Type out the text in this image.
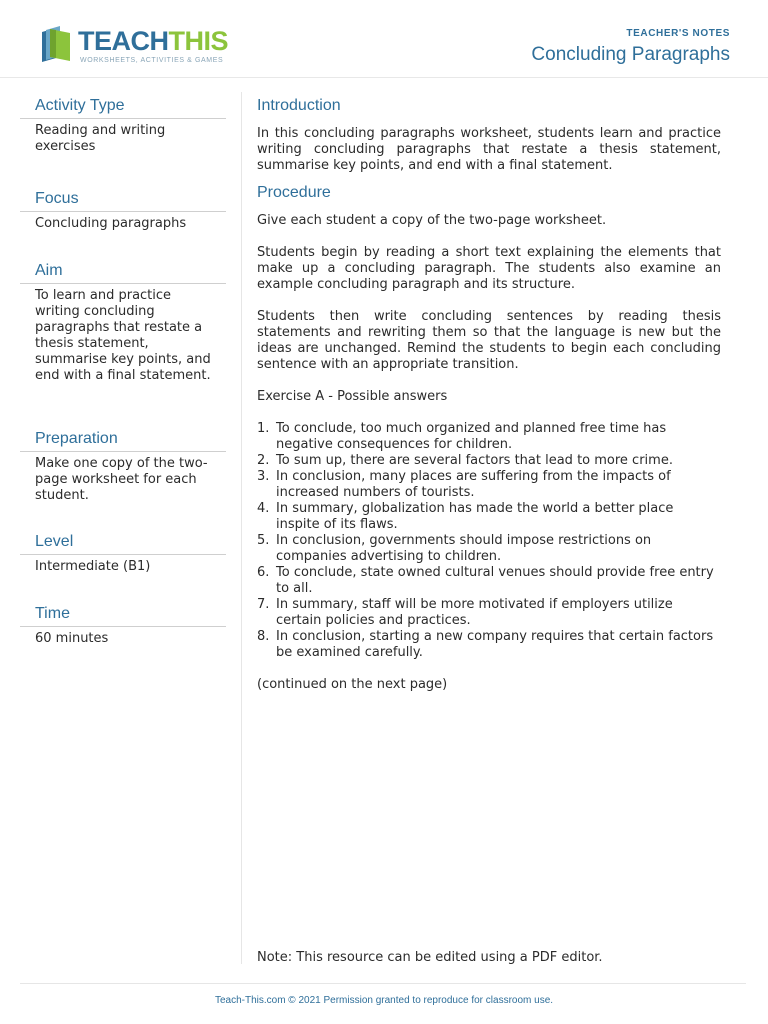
TEACHTHIS
WORKSHEETS, ACTIVITIES & GAMES
TEACHER'S NOTES
Concluding Paragraphs
Activity Type
Reading and writing exercises
Focus
Concluding paragraphs
Aim
To learn and practice writing concluding paragraphs that restate a thesis statement, summarise key points, and end with a final statement.
Preparation
Make one copy of the two-page worksheet for each student.
Level
Intermediate (B1)
Time
60 minutes
Introduction
In this concluding paragraphs worksheet, students learn and practice writing concluding paragraphs that restate a thesis statement, summarise key points, and end with a final statement.
Procedure
Give each student a copy of the two-page worksheet.
Students begin by reading a short text explaining the elements that make up a concluding paragraph. The students also examine an example concluding paragraph and its structure.
Students then write concluding sentences by reading thesis statements and rewriting them so that the language is new but the ideas are unchanged. Remind the students to begin each concluding sentence with an appropriate transition.
Exercise A - Possible answers
1. To conclude, too much organized and planned free time has negative consequences for children.
2. To sum up, there are several factors that lead to more crime.
3. In conclusion, many places are suffering from the impacts of increased numbers of tourists.
4. In summary, globalization has made the world a better place inspite of its flaws.
5. In conclusion, governments should impose restrictions on companies advertising to children.
6. To conclude, state owned cultural venues should provide free entry to all.
7. In summary, staff will be more motivated if employers utilize certain policies and practices.
8. In conclusion, starting a new company requires that certain factors be examined carefully.
(continued on the next page)
Note: This resource can be edited using a PDF editor.
Teach-This.com © 2021 Permission granted to reproduce for classroom use.
